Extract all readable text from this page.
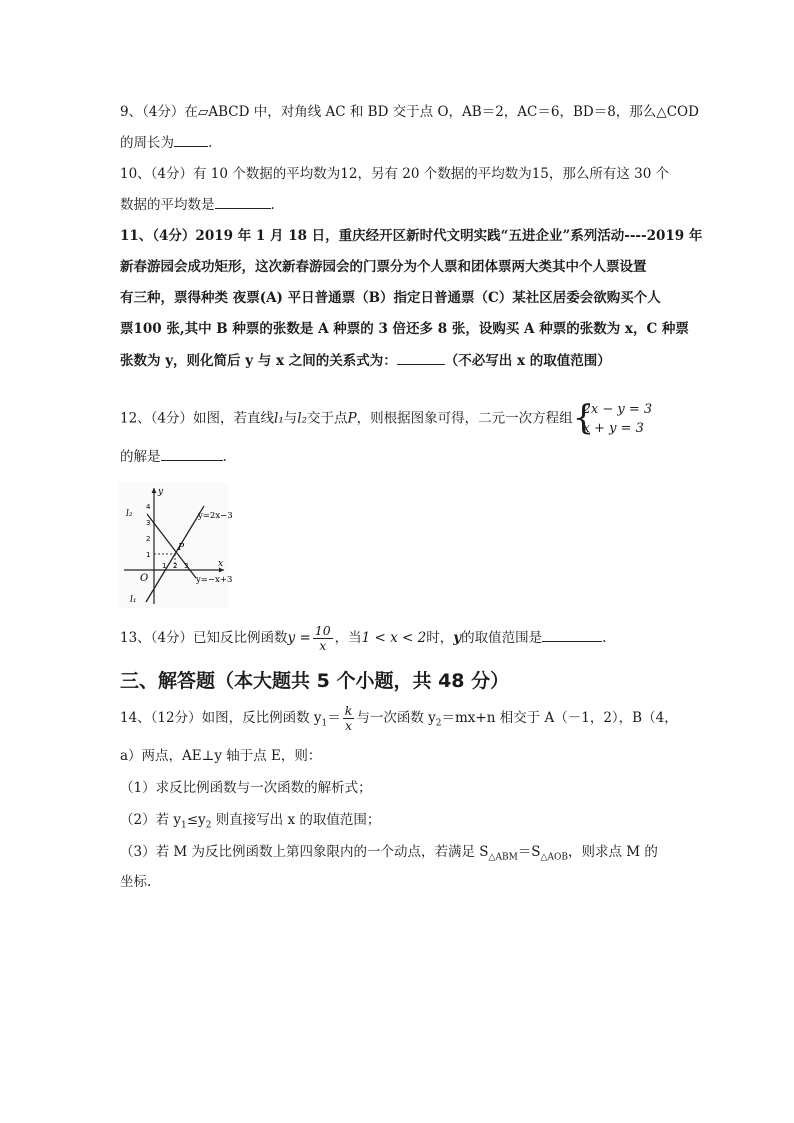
9、（4分）在▱ABCD 中，对角线 AC 和 BD 交于点 O，AB＝2，AC＝6，BD＝8，那么△COD
的周长为	.
10、（4分）有 10 个数据的平均数为12，另有 20 个数据的平均数为15，那么所有这 30 个
数据的平均数是	.
11、（4分）2019 年 1 月 18 日，重庆经开区新时代文明实践“五进企业”系列活动----2019 年
新春游园会成功矩形，这次新春游园会的门票分为个人票和团体票两大类其中个人票设置
有三种，票得种类 夜票(A) 平日普通票（B）指定日普通票（C）某社区居委会欲购买个人
票100 张,其中 B 种票的张数是 A 种票的 3 倍还多 8 张，设购买 A 种票的张数为 x，C 种票
张数为 y，则化简后 y 与 x 之间的关系式为：	（不必写出 x 的取值范围）
12、（4分）如图，若直线l₁与l₂交于点P，则根据图象可得，二元一次方程组 {
2x − y = 3
x + y = 3
的解是	.
y
x
O
l₂
l₁
P
y=2x−3
y=−x+3
1 2 3
1
2
3
4
13、（4分）已知反比例函数$y = \frac{10}{x}$ ，当1 < x < 2时，y的取值范围是	.
三、解答题（本大题共 5 个小题，共 48 分）
14、（12分）如图，反比例函数 $y_1= \frac{k}{x}$ 与一次函数 $y_2=mx+n$ 相交于 A（－1，2），B（4，
a）两点，AE⊥y 轴于点 E，则：
（1）求反比例函数与一次函数的解析式；
（2）若 $y_1\le y_2$ 则直接写出 x 的取值范围；
（3）若 M 为反比例函数上第四象限内的一个动点，若满足 $S_{\triangle ABM}=S_{\triangle AOB}$，则求点 M 的
坐标.
